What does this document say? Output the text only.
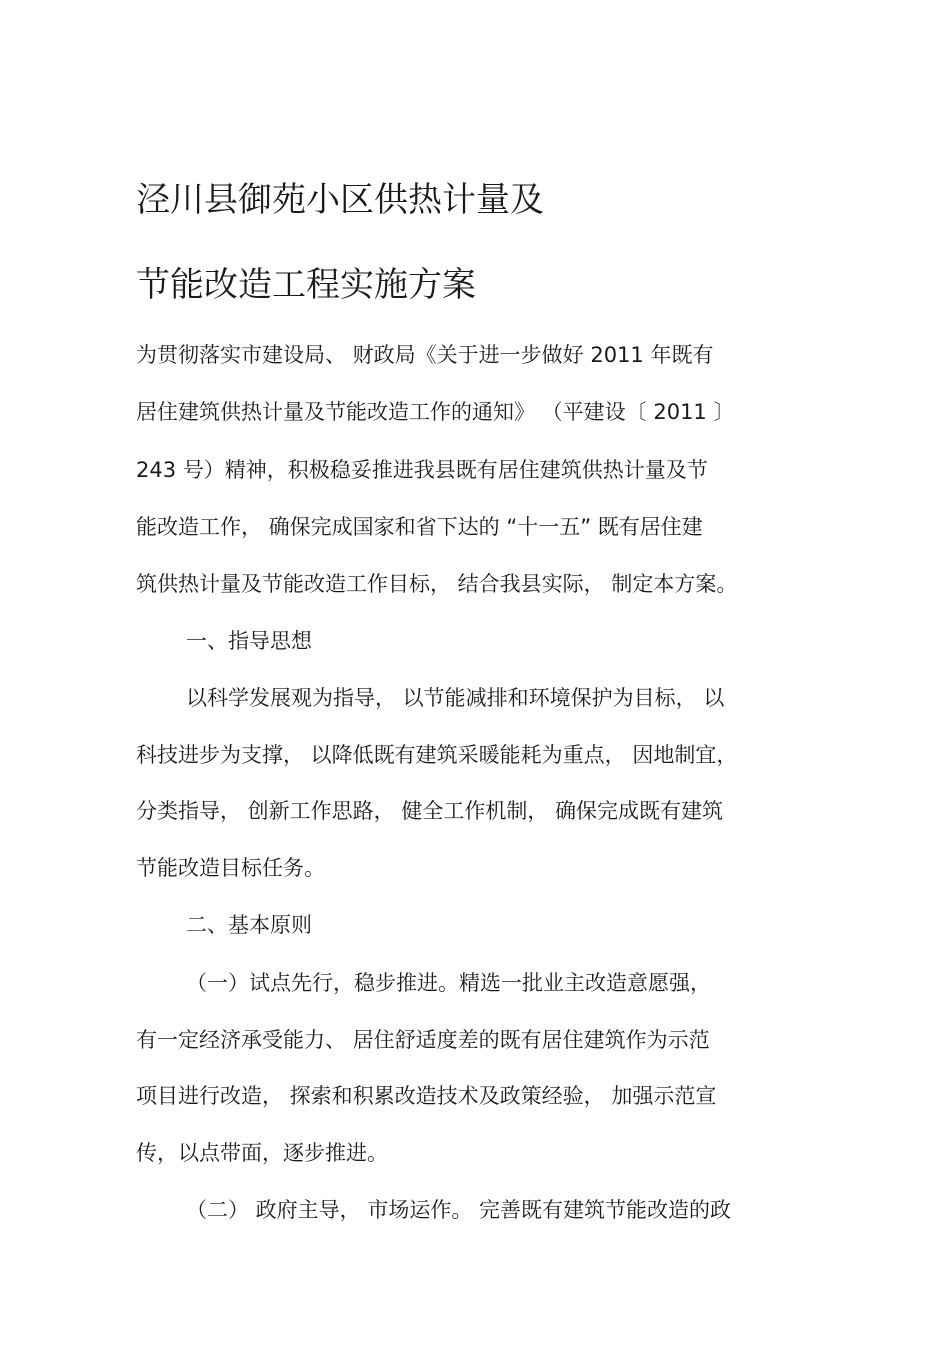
泾川县御苑小区供热计量及
节能改造工程实施方案
为贯彻落实市建设局、 财政局《关于进一步做好 2011 年既有
居住建筑供热计量及节能改造工作的通知》 （平建设〔 2011 〕
243 号）精神，积极稳妥推进我县既有居住建筑供热计量及节
能改造工作， 确保完成国家和省下达的 “十一五” 既有居住建
筑供热计量及节能改造工作目标， 结合我县实际， 制定本方案。
一、指导思想
以科学发展观为指导， 以节能减排和环境保护为目标， 以
科技进步为支撑， 以降低既有建筑采暖能耗为重点， 因地制宜，
分类指导， 创新工作思路， 健全工作机制， 确保完成既有建筑
节能改造目标任务。
二、基本原则
（一）试点先行，稳步推进。精选一批业主改造意愿强，
有一定经济承受能力、 居住舒适度差的既有居住建筑作为示范
项目进行改造， 探索和积累改造技术及政策经验， 加强示范宣
传，以点带面，逐步推进。
（二） 政府主导， 市场运作。 完善既有建筑节能改造的政
